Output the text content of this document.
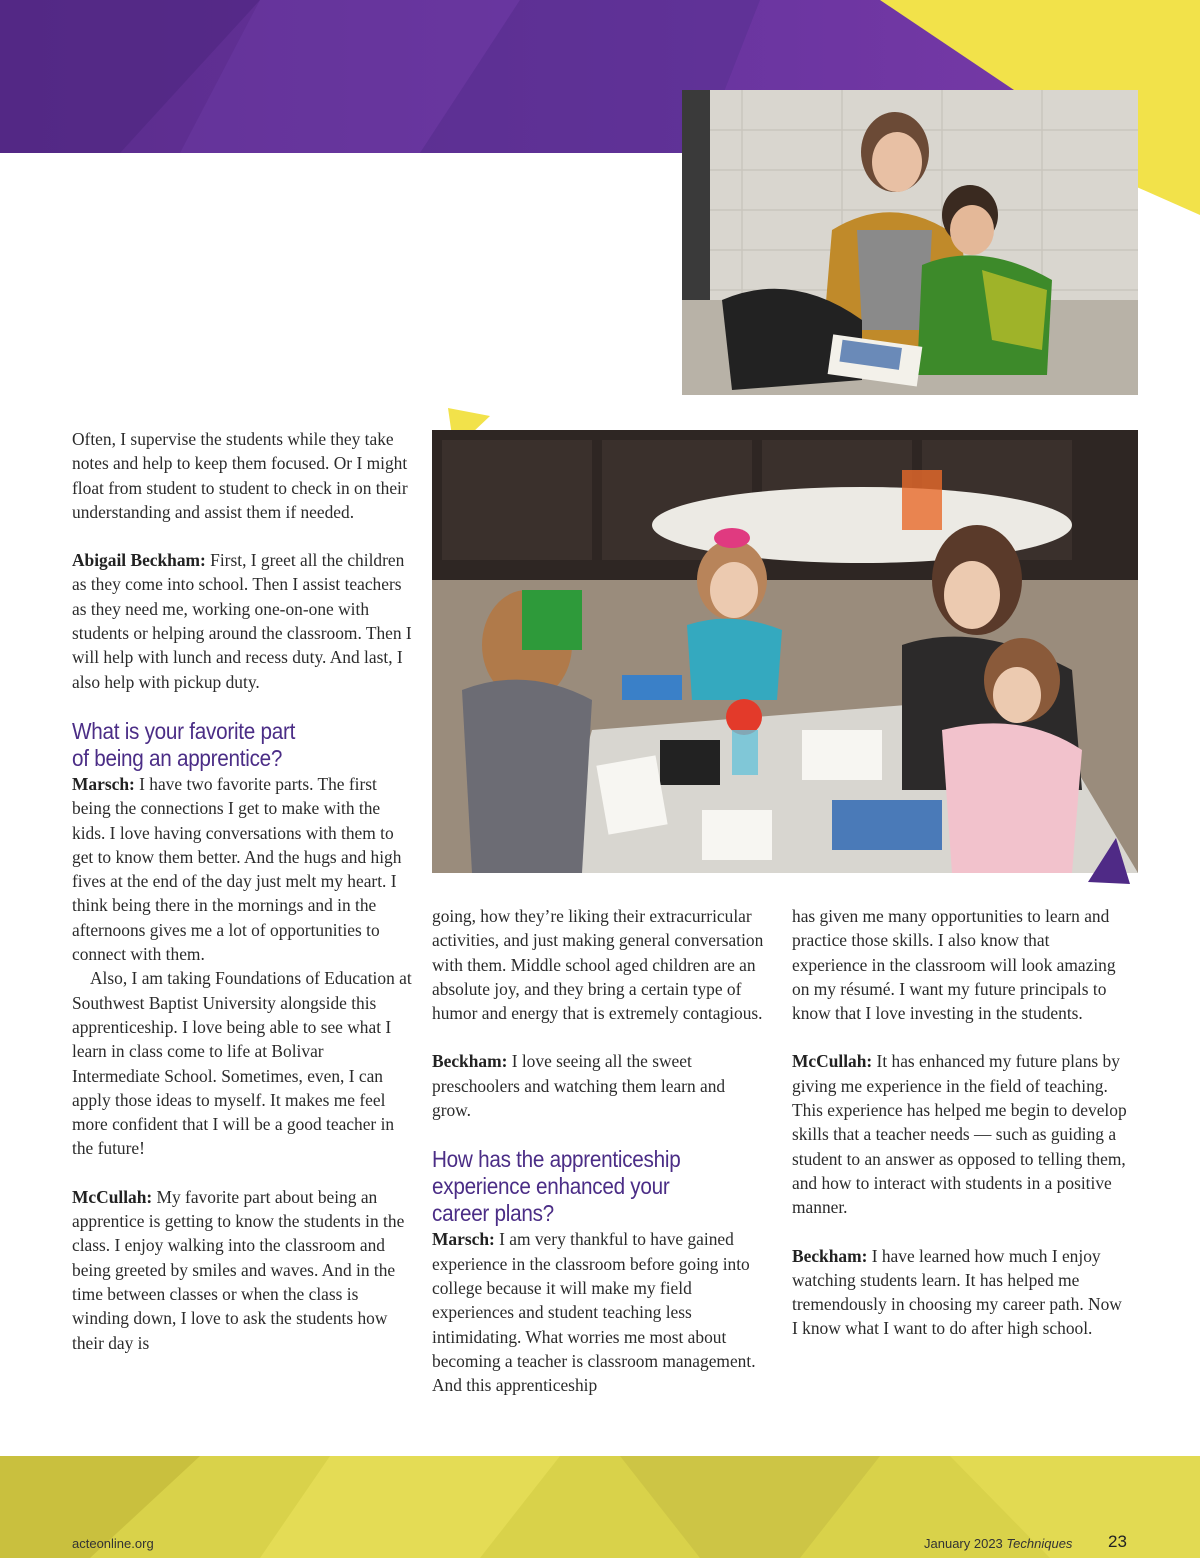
Often, I supervise the students while they take notes and help to keep them focused. Or I might float from student to student to check in on their understanding and assist them if needed.

Abigail Beckham: First, I greet all the children as they come into school. Then I assist teachers as they need me, working one-on-one with students or helping around the classroom. Then I will help with lunch and recess duty. And last, I also help with pickup duty.

What is your favorite part of being an apprentice?

Marsch: I have two favorite parts. The first being the connections I get to make with the kids. I love having conversations with them to get to know them better. And the hugs and high fives at the end of the day just melt my heart. I think being there in the mornings and in the afternoons gives me a lot of opportunities to connect with them.

Also, I am taking Foundations of Education at Southwest Baptist University alongside this apprenticeship. I love being able to see what I learn in class come to life at Bolivar Intermediate School. Sometimes, even, I can apply those ideas to myself. It makes me feel more confident that I will be a good teacher in the future!

McCullah: My favorite part about being an apprentice is getting to know the students in the class. I enjoy walking into the classroom and being greeted by smiles and waves. And in the time between classes or when the class is winding down, I love to ask the students how their day is

going, how they’re liking their extracurricular activities, and just making general conversation with them. Middle school aged children are an absolute joy, and they bring a certain type of humor and energy that is extremely contagious.

Beckham: I love seeing all the sweet preschoolers and watching them learn and grow.

How has the apprenticeship experience enhanced your career plans?

Marsch: I am very thankful to have gained experience in the classroom before going into college because it will make my field experiences and student teaching less intimidating. What worries me most about becoming a teacher is classroom management. And this apprenticeship

has given me many opportunities to learn and practice those skills. I also know that experience in the classroom will look amazing on my résumé. I want my future principals to know that I love investing in the students.

McCullah: It has enhanced my future plans by giving me experience in the field of teaching. This experience has helped me begin to develop skills that a teacher needs — such as guiding a student to an answer as opposed to telling them, and how to interact with students in a positive manner.

Beckham: I have learned how much I enjoy watching students learn. It has helped me tremendously in choosing my career path. Now I know what I want to do after high school.

acteonline.org	January 2023 Techniques 23
